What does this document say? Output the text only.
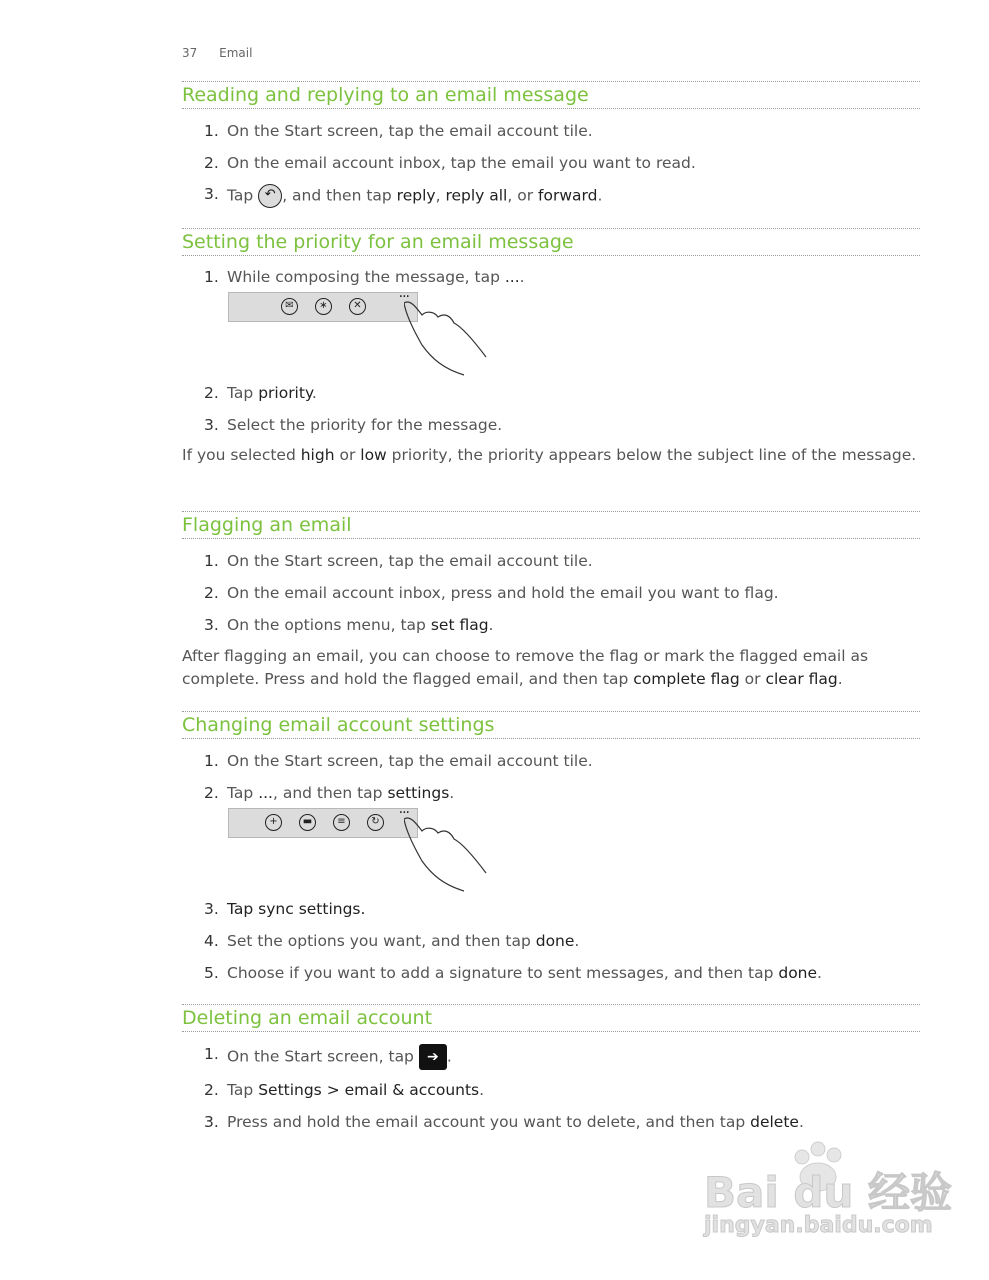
37 Email
Reading and replying to an email message
1. On the Start screen, tap the email account tile.
2. On the email account inbox, tap the email you want to read.
3. Tap ↶ , and then tap reply, reply all, or forward.
Setting the priority for an email message
1. While composing the message, tap ....
✉	∗	✕
···
2. Tap priority.
3. Select the priority for the message.
If you selected high or low priority, the priority appears below the subject line of the message.
Flagging an email
1. On the Start screen, tap the email account tile.
2. On the email account inbox, press and hold the email you want to flag.
3. On the options menu, tap set flag.
After flagging an email, you can choose to remove the flag or mark the flagged email as complete. Press and hold the flagged email, and then tap complete flag or clear flag.
Changing email account settings
1. On the Start screen, tap the email account tile.
2. Tap ..., and then tap settings.
+	▬	≡	↻
···
3. Tap sync settings.
4. Set the options you want, and then tap done.
5. Choose if you want to add a signature to sent messages, and then tap done.
Deleting an email account
1. On the Start screen, tap ➔ .
2. Tap Settings > email & accounts.
3. Press and hold the email account you want to delete, and then tap delete.
Bai du 经验
jingyan.baidu.com
